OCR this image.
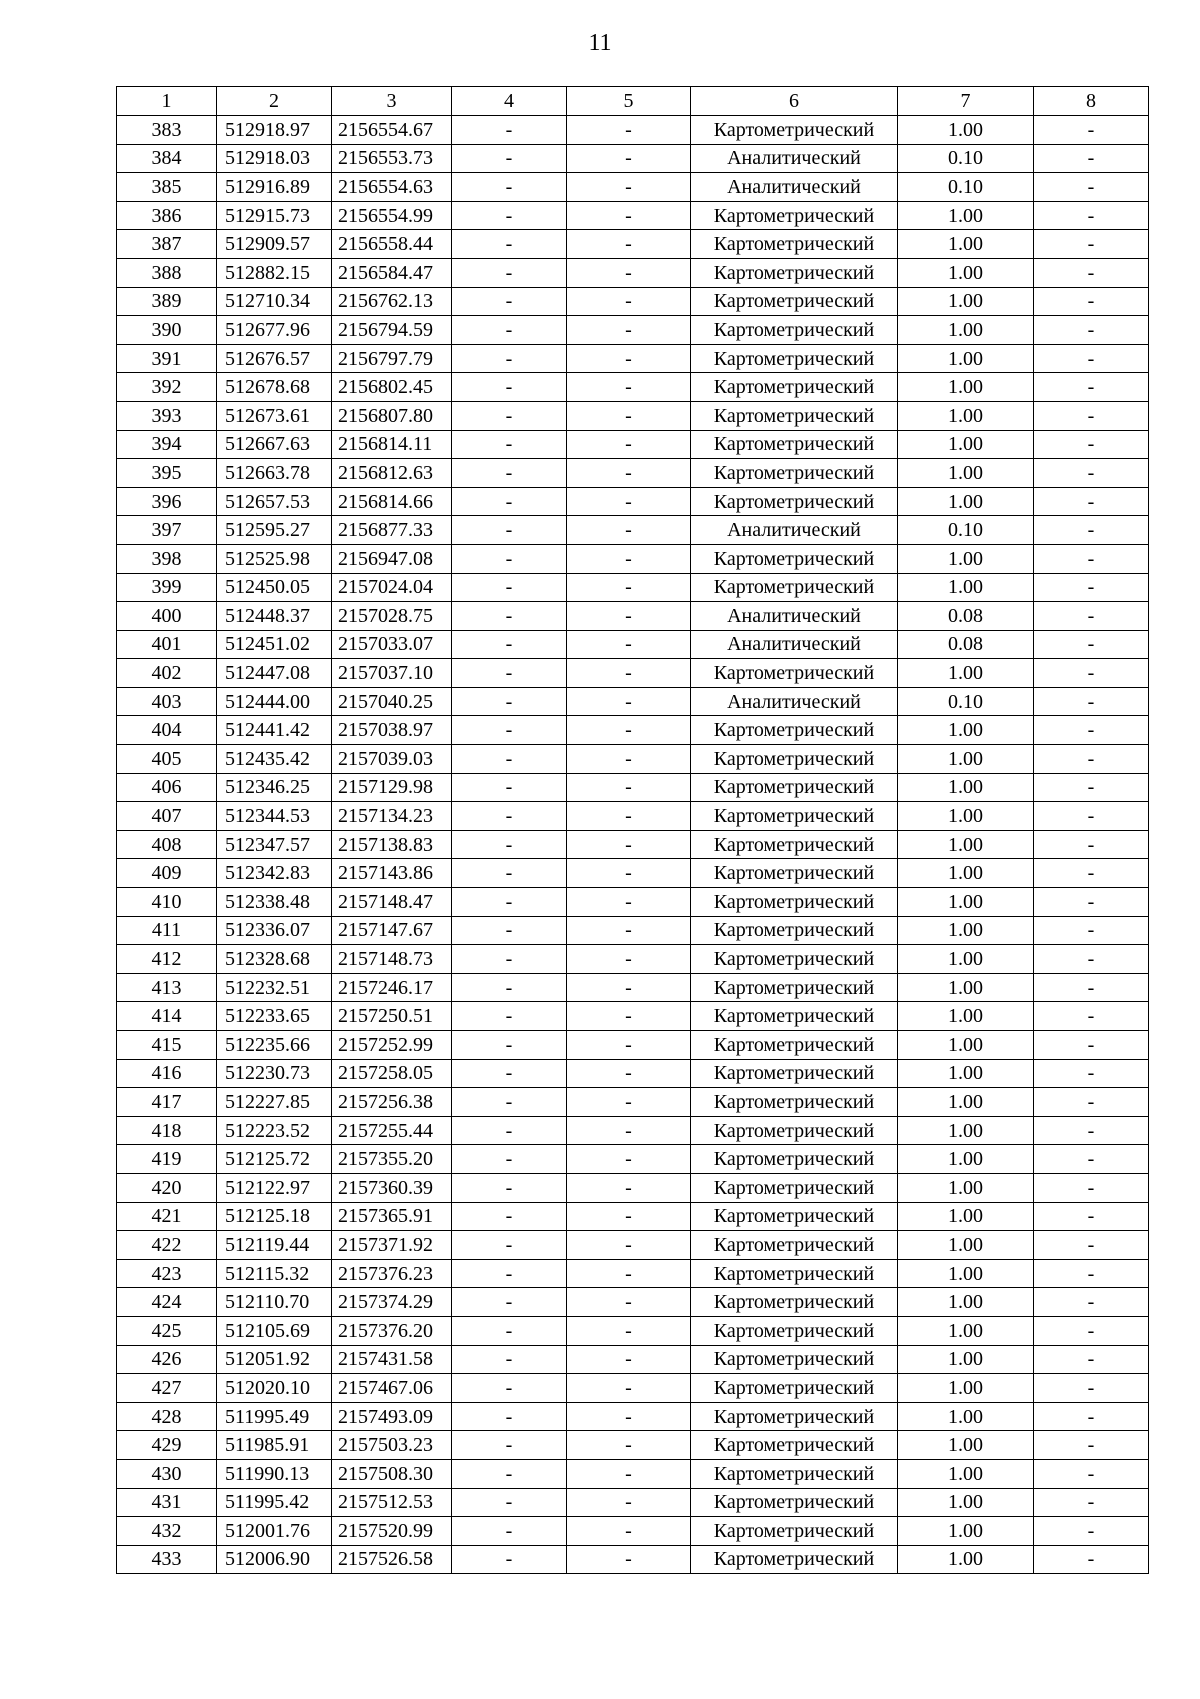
11
1	2	3	4	5	6	7	8
383	512918.97	2156554.67	-	-	Картометрический	1.00	-
384	512918.03	2156553.73	-	-	Аналитический	0.10	-
385	512916.89	2156554.63	-	-	Аналитический	0.10	-
386	512915.73	2156554.99	-	-	Картометрический	1.00	-
387	512909.57	2156558.44	-	-	Картометрический	1.00	-
388	512882.15	2156584.47	-	-	Картометрический	1.00	-
389	512710.34	2156762.13	-	-	Картометрический	1.00	-
390	512677.96	2156794.59	-	-	Картометрический	1.00	-
391	512676.57	2156797.79	-	-	Картометрический	1.00	-
392	512678.68	2156802.45	-	-	Картометрический	1.00	-
393	512673.61	2156807.80	-	-	Картометрический	1.00	-
394	512667.63	2156814.11	-	-	Картометрический	1.00	-
395	512663.78	2156812.63	-	-	Картометрический	1.00	-
396	512657.53	2156814.66	-	-	Картометрический	1.00	-
397	512595.27	2156877.33	-	-	Аналитический	0.10	-
398	512525.98	2156947.08	-	-	Картометрический	1.00	-
399	512450.05	2157024.04	-	-	Картометрический	1.00	-
400	512448.37	2157028.75	-	-	Аналитический	0.08	-
401	512451.02	2157033.07	-	-	Аналитический	0.08	-
402	512447.08	2157037.10	-	-	Картометрический	1.00	-
403	512444.00	2157040.25	-	-	Аналитический	0.10	-
404	512441.42	2157038.97	-	-	Картометрический	1.00	-
405	512435.42	2157039.03	-	-	Картометрический	1.00	-
406	512346.25	2157129.98	-	-	Картометрический	1.00	-
407	512344.53	2157134.23	-	-	Картометрический	1.00	-
408	512347.57	2157138.83	-	-	Картометрический	1.00	-
409	512342.83	2157143.86	-	-	Картометрический	1.00	-
410	512338.48	2157148.47	-	-	Картометрический	1.00	-
411	512336.07	2157147.67	-	-	Картометрический	1.00	-
412	512328.68	2157148.73	-	-	Картометрический	1.00	-
413	512232.51	2157246.17	-	-	Картометрический	1.00	-
414	512233.65	2157250.51	-	-	Картометрический	1.00	-
415	512235.66	2157252.99	-	-	Картометрический	1.00	-
416	512230.73	2157258.05	-	-	Картометрический	1.00	-
417	512227.85	2157256.38	-	-	Картометрический	1.00	-
418	512223.52	2157255.44	-	-	Картометрический	1.00	-
419	512125.72	2157355.20	-	-	Картометрический	1.00	-
420	512122.97	2157360.39	-	-	Картометрический	1.00	-
421	512125.18	2157365.91	-	-	Картометрический	1.00	-
422	512119.44	2157371.92	-	-	Картометрический	1.00	-
423	512115.32	2157376.23	-	-	Картометрический	1.00	-
424	512110.70	2157374.29	-	-	Картометрический	1.00	-
425	512105.69	2157376.20	-	-	Картометрический	1.00	-
426	512051.92	2157431.58	-	-	Картометрический	1.00	-
427	512020.10	2157467.06	-	-	Картометрический	1.00	-
428	511995.49	2157493.09	-	-	Картометрический	1.00	-
429	511985.91	2157503.23	-	-	Картометрический	1.00	-
430	511990.13	2157508.30	-	-	Картометрический	1.00	-
431	511995.42	2157512.53	-	-	Картометрический	1.00	-
432	512001.76	2157520.99	-	-	Картометрический	1.00	-
433	512006.90	2157526.58	-	-	Картометрический	1.00	-
